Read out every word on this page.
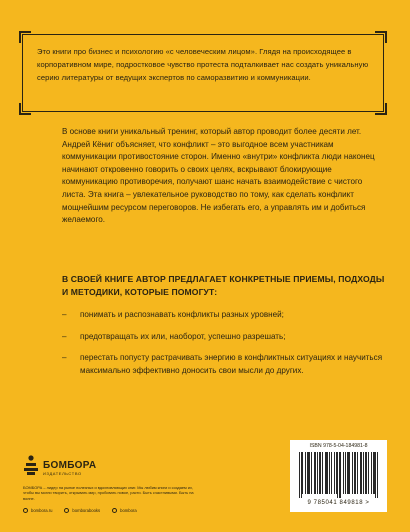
Это книги про бизнес и психологию «с человеческим лицом». Глядя на происходящее в корпоративном мире, подростковое чувство протеста подталкивает нас создать уникальную серию литературы от ведущих экспертов по саморазвитию и коммуникации.

В основе книги уникальный тренинг, который автор проводит более десяти лет. Андрей Кёниг объясняет, что конфликт – это выгодное всем участникам коммуникации противостояние сторон. Именно «внутри» конфликта люди наконец начинают откровенно говорить о своих целях, вскрывают блокирующие коммуникацию противоречия, получают шанс начать взаимодействие с чистого листа. Эта книга – увлекательное руководство по тому, как сделать конфликт мощнейшим ресурсом переговоров. Не избегать его, а управлять им и добиться желаемого.

В СВОЕЙ КНИГЕ АВТОР ПРЕДЛАГАЕТ КОНКРЕТНЫЕ ПРИЕМЫ, ПОДХОДЫ И МЕТОДИКИ, КОТОРЫЕ ПОМОГУТ:

– понимать и распознавать конфликты разных уровней;
– предотвращать их или, наоборот, успешно разрешать;
– перестать попусту растрачивать энергию в конфликтных ситуациях и научиться максимально эффективно доносить свои мысли до других.
БОМБОРА
ИЗДАТЕЛЬСТВО

БОМБОРА – лидер на рынке полезных и вдохновляющих книг. Мы любим книги и создаем их, чтобы вы могли творить, открывать мир, пробовать новое, расти. Быть счастливыми. Быть на волне.

bombora.ru	bomborabooks	bombora
ISBN 978-5-04-184981-8
9 785041 849818 >
